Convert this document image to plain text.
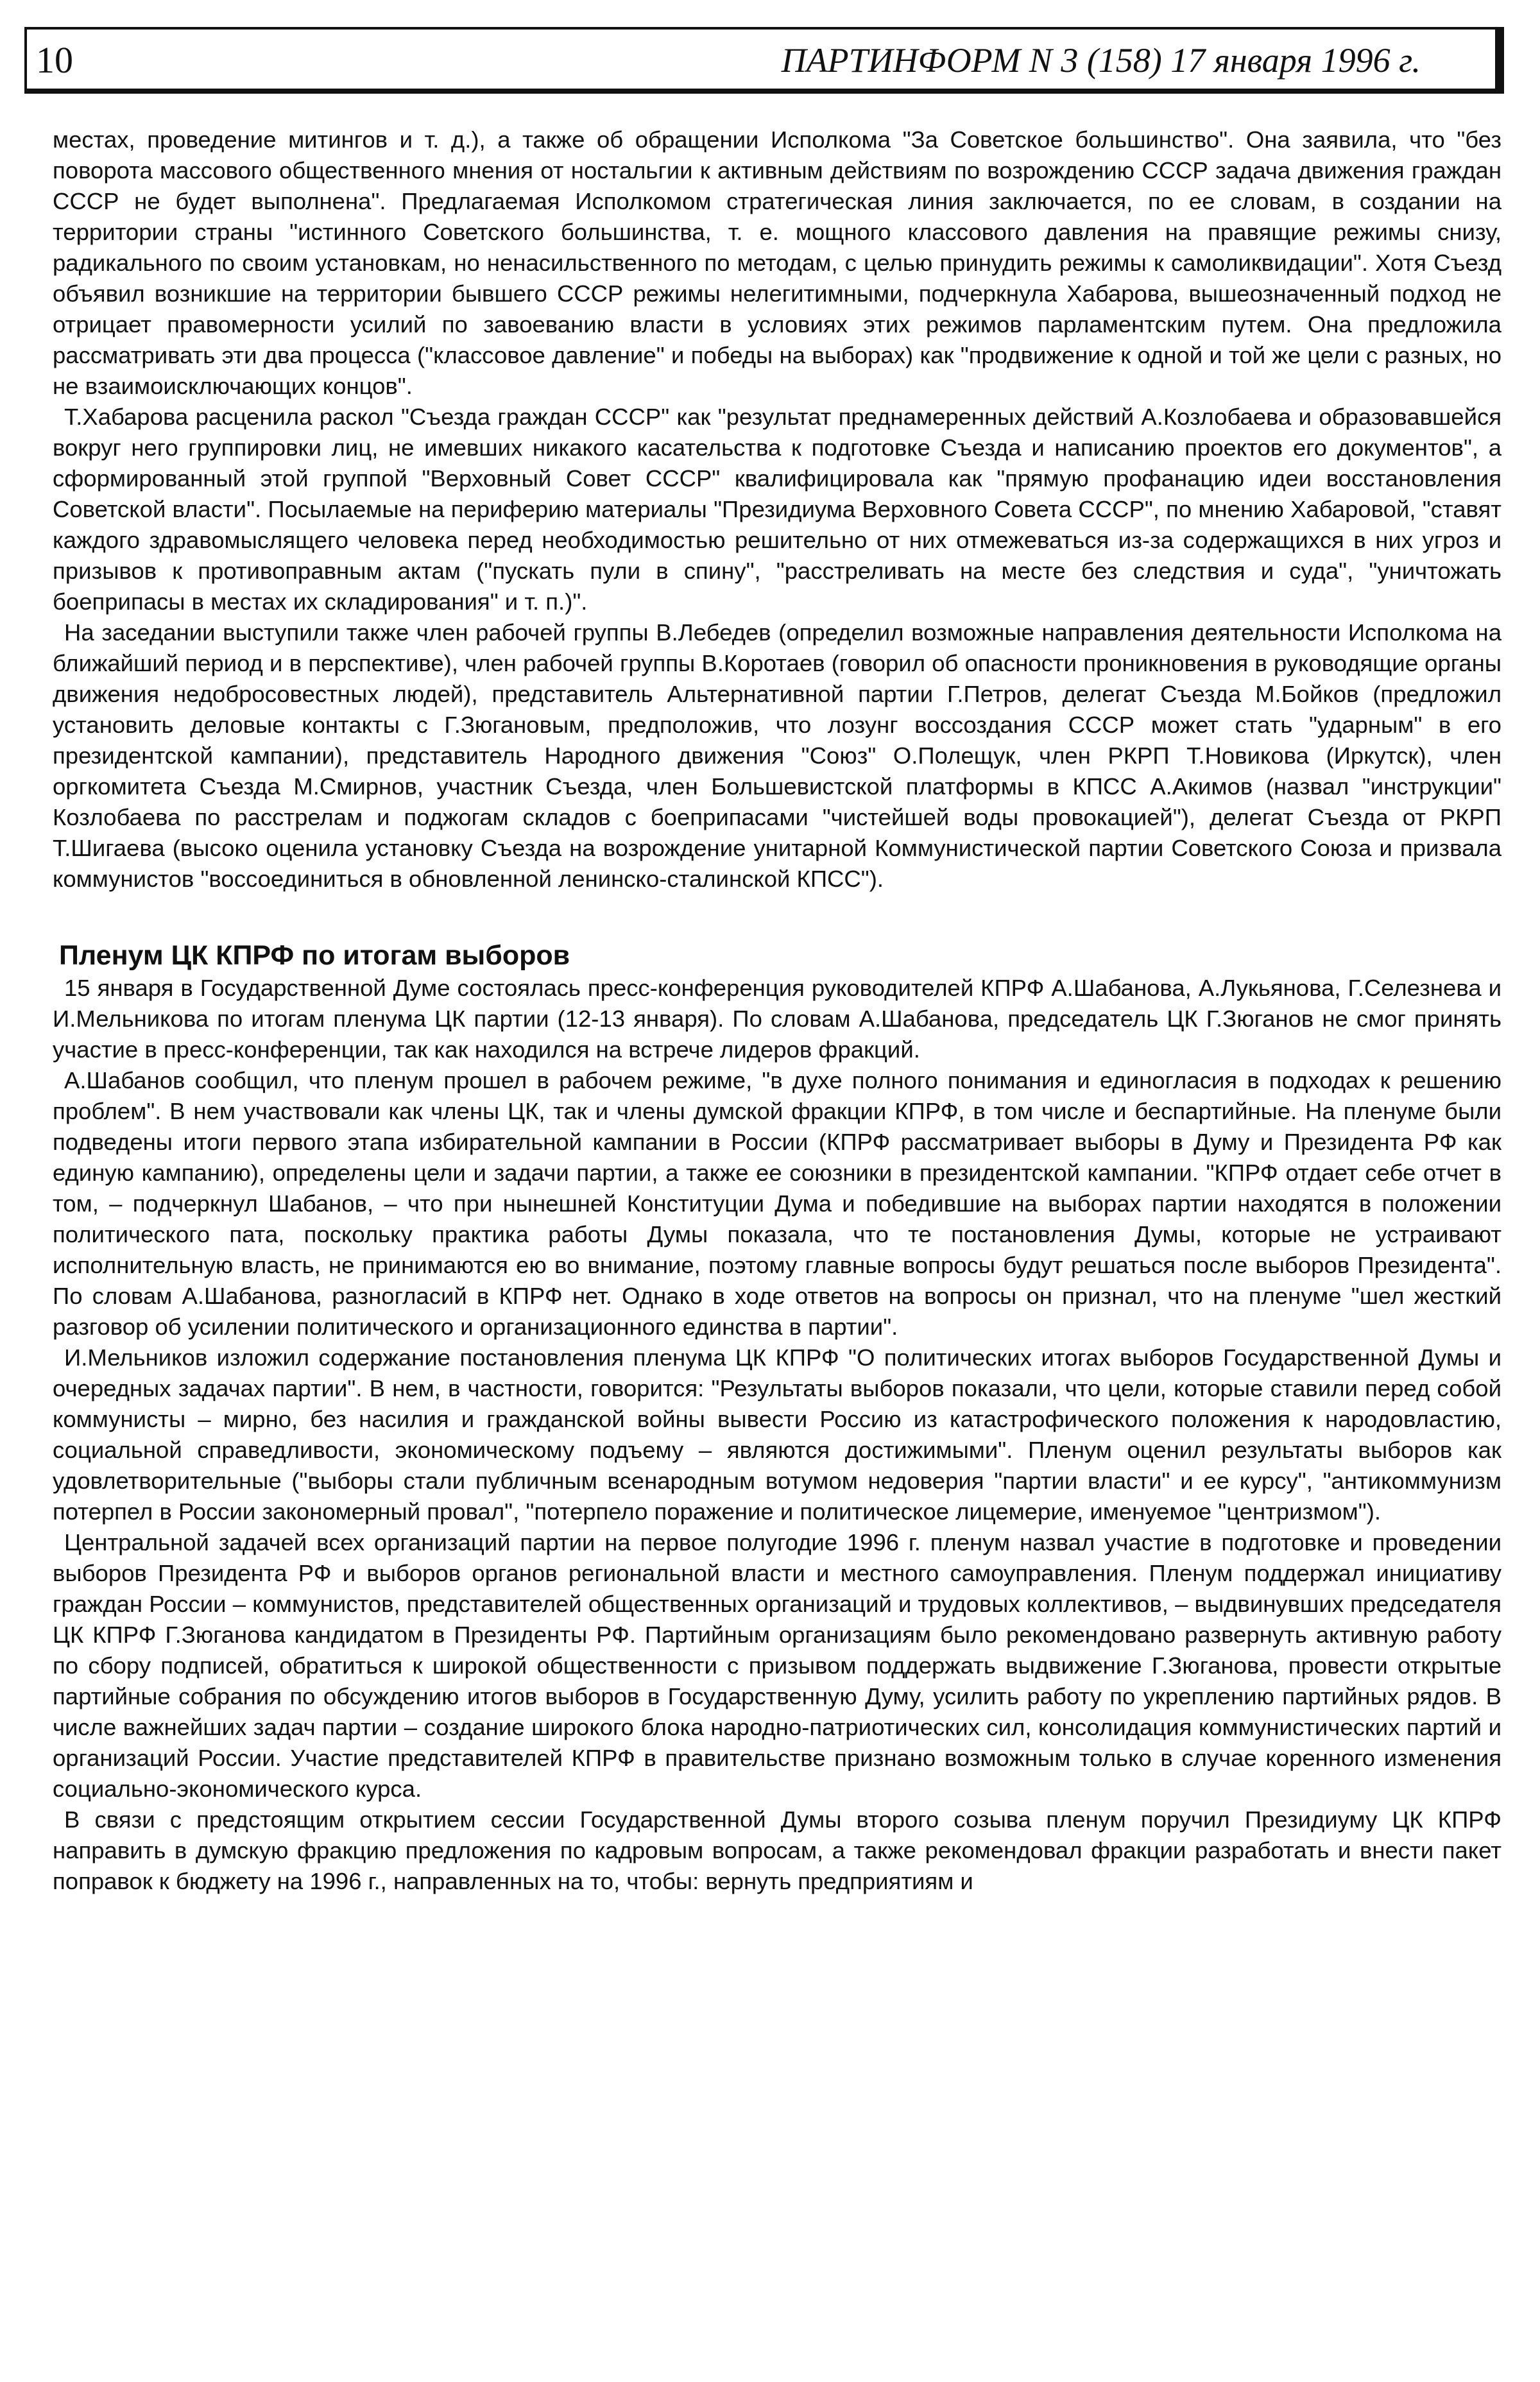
10	ПАРТИНФОРМ N 3 (158) 17 января 1996 г.

местах, проведение митингов и т. д.), а также об обращении Исполкома "За Советское большинство". Она заявила, что "без поворота массового общественного мнения от ностальгии к активным действиям по возрождению СССР задача движения граждан СССР не будет выполнена". Предлагаемая Исполкомом стратегическая линия заключается, по ее словам, в создании на территории страны "истинного Советского большинства, т. е. мощного классового давления на правящие режимы снизу, радикального по своим установкам, но ненасильственного по методам, с целью принудить режимы к самоликвидации". Хотя Съезд объявил возникшие на территории бывшего СССР режимы нелегитимными, подчеркнула Хабарова, вышеозначенный подход не отрицает правомерности усилий по завоеванию власти в условиях этих режимов парламентским путем. Она предложила рассматривать эти два процесса ("классовое давление" и победы на выборах) как "продвижение к одной и той же цели с разных, но не взаимоисключающих концов".

Т.Хабарова расценила раскол "Съезда граждан СССР" как "результат преднамеренных действий А.Козлобаева и образовавшейся вокруг него группировки лиц, не имевших никакого касательства к подготовке Съезда и написанию проектов его документов", а сформированный этой группой "Верховный Совет СССР" квалифицировала как "прямую профанацию идеи восстановления Советской власти". Посылаемые на периферию материалы "Президиума Верховного Совета СССР", по мнению Хабаровой, "ставят каждого здравомыслящего человека перед необходимостью решительно от них отмежеваться из-за содержащихся в них угроз и призывов к противоправным актам ("пускать пули в спину", "расстреливать на месте без следствия и суда", "уничтожать боеприпасы в местах их складирования" и т. п.)".

На заседании выступили также член рабочей группы В.Лебедев (определил возможные направления деятельности Исполкома на ближайший период и в перспективе), член рабочей группы В.Коротаев (говорил об опасности проникновения в руководящие органы движения недобросовестных людей), представитель Альтернативной партии Г.Петров, делегат Съезда М.Бойков (предложил установить деловые контакты с Г.Зюгановым, предположив, что лозунг воссоздания СССР может стать "ударным" в его президентской кампании), представитель Народного движения "Союз" О.Полещук, член РКРП Т.Новикова (Иркутск), член оргкомитета Съезда М.Смирнов, участник Съезда, член Большевистской платформы в КПСС А.Акимов (назвал "инструкции" Козлобаева по расстрелам и поджогам складов с боеприпасами "чистейшей воды провокацией"), делегат Съезда от РКРП Т.Шигаева (высоко оценила установку Съезда на возрождение унитарной Коммунистической партии Советского Союза и призвала коммунистов "воссоединиться в обновленной ленинско-сталинской КПСС").

Пленум ЦК КПРФ по итогам выборов

15 января в Государственной Думе состоялась пресс-конференция руководителей КПРФ А.Шабанова, А.Лукьянова, Г.Селезнева и И.Мельникова по итогам пленума ЦК партии (12-13 января). По словам А.Шабанова, председатель ЦК Г.Зюганов не смог принять участие в пресс-конференции, так как находился на встрече лидеров фракций.

А.Шабанов сообщил, что пленум прошел в рабочем режиме, "в духе полного понимания и единогласия в подходах к решению проблем". В нем участвовали как члены ЦК, так и члены думской фракции КПРФ, в том числе и беспартийные. На пленуме были подведены итоги первого этапа избирательной кампании в России (КПРФ рассматривает выборы в Думу и Президента РФ как единую кампанию), определены цели и задачи партии, а также ее союзники в президентской кампании. "КПРФ отдает себе отчет в том, – подчеркнул Шабанов, – что при нынешней Конституции Дума и победившие на выборах партии находятся в положении политического пата, поскольку практика работы Думы показала, что те постановления Думы, которые не устраивают исполнительную власть, не принимаются ею во внимание, поэтому главные вопросы будут решаться после выборов Президента". По словам А.Шабанова, разногласий в КПРФ нет. Однако в ходе ответов на вопросы он признал, что на пленуме "шел жесткий разговор об усилении политического и организационного единства в партии".

И.Мельников изложил содержание постановления пленума ЦК КПРФ "О политических итогах выборов Государственной Думы и очередных задачах партии". В нем, в частности, говорится: "Результаты выборов показали, что цели, которые ставили перед собой коммунисты – мирно, без насилия и гражданской войны вывести Россию из катастрофического положения к народовластию, социальной справедливости, экономическому подъему – являются достижимыми". Пленум оценил результаты выборов как удовлетворительные ("выборы стали публичным всенародным вотумом недоверия "партии власти" и ее курсу", "антикоммунизм потерпел в России закономерный провал", "потерпело поражение и политическое лицемерие, именуемое "центризмом").

Центральной задачей всех организаций партии на первое полугодие 1996 г. пленум назвал участие в подготовке и проведении выборов Президента РФ и выборов органов региональной власти и местного самоуправления. Пленум поддержал инициативу граждан России – коммунистов, представителей общественных организаций и трудовых коллективов, – выдвинувших председателя ЦК КПРФ Г.Зюганова кандидатом в Президенты РФ. Партийным организациям было рекомендовано развернуть активную работу по сбору подписей, обратиться к широкой общественности с призывом поддержать выдвижение Г.Зюганова, провести открытые партийные собрания по обсуждению итогов выборов в Государственную Думу, усилить работу по укреплению партийных рядов. В числе важнейших задач партии – создание широкого блока народно-патриотических сил, консолидация коммунистических партий и организаций России. Участие представителей КПРФ в правительстве признано возможным только в случае коренного изменения социально-экономического курса.

В связи с предстоящим открытием сессии Государственной Думы второго созыва пленум поручил Президиуму ЦК КПРФ направить в думскую фракцию предложения по кадровым вопросам, а также рекомендовал фракции разработать и внести пакет поправок к бюджету на 1996 г., направленных на то, чтобы: вернуть предприятиям и
